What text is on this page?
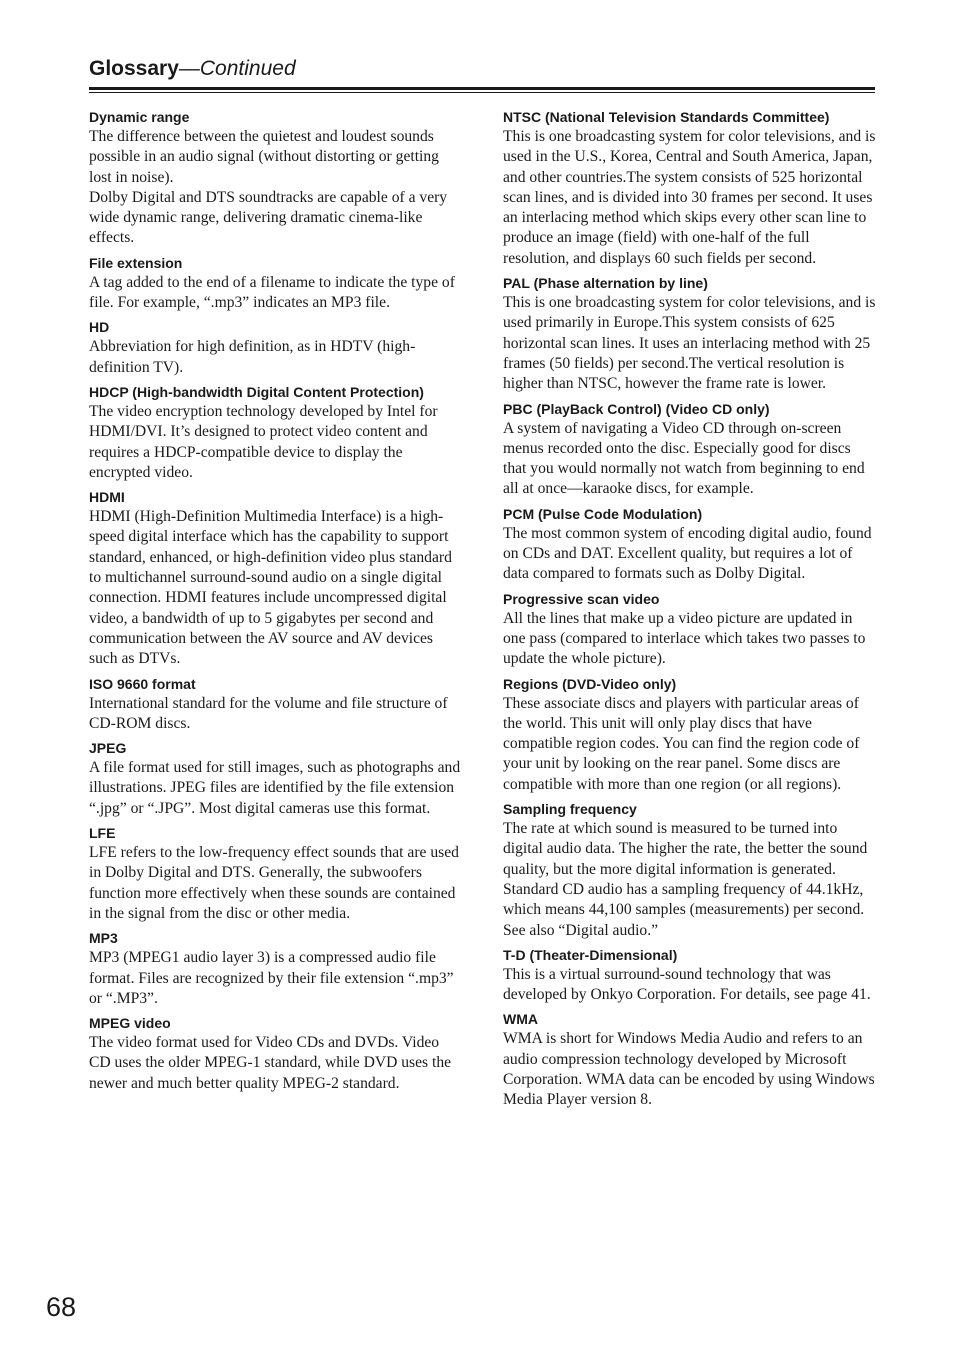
Glossary—Continued
Dynamic range

The difference between the quietest and loudest sounds possible in an audio signal (without distorting or getting lost in noise).

Dolby Digital and DTS soundtracks are capable of a very wide dynamic range, delivering dramatic cinema-like effects.

File extension

A tag added to the end of a filename to indicate the type of file. For example, “.mp3” indicates an MP3 file.

HD

Abbreviation for high definition, as in HDTV (high-definition TV).

HDCP (High-bandwidth Digital Content Protection)

The video encryption technology developed by Intel for HDMI/DVI. It’s designed to protect video content and requires a HDCP-compatible device to display the encrypted video.

HDMI

HDMI (High-Definition Multimedia Interface) is a high-speed digital interface which has the capability to support standard, enhanced, or high-definition video plus standard to multichannel surround-sound audio on a single digital connection. HDMI features include uncompressed digital video, a bandwidth of up to 5 gigabytes per second and communication between the AV source and AV devices such as DTVs.

ISO 9660 format

International standard for the volume and file structure of CD-ROM discs.

JPEG

A file format used for still images, such as photographs and illustrations. JPEG files are identified by the file extension “.jpg” or “.JPG”. Most digital cameras use this format.

LFE

LFE refers to the low-frequency effect sounds that are used in Dolby Digital and DTS. Generally, the subwoofers function more effectively when these sounds are contained in the signal from the disc or other media.

MP3

MP3 (MPEG1 audio layer 3) is a compressed audio file format. Files are recognized by their file extension “.mp3” or “.MP3”.

MPEG video

The video format used for Video CDs and DVDs. Video CD uses the older MPEG-1 standard, while DVD uses the newer and much better quality MPEG-2 standard.

NTSC (National Television Standards Committee)

This is one broadcasting system for color televisions, and is used in the U.S., Korea, Central and South America, Japan, and other countries.The system consists of 525 horizontal scan lines, and is divided into 30 frames per second. It uses an interlacing method which skips every other scan line to produce an image (field) with one-half of the full resolution, and displays 60 such fields per second.

PAL (Phase alternation by line)

This is one broadcasting system for color televisions, and is used primarily in Europe.This system consists of 625 horizontal scan lines. It uses an interlacing method with 25 frames (50 fields) per second.The vertical resolution is higher than NTSC, however the frame rate is lower.

PBC (PlayBack Control) (Video CD only)

A system of navigating a Video CD through on-screen menus recorded onto the disc. Especially good for discs that you would normally not watch from beginning to end all at once—karaoke discs, for example.

PCM (Pulse Code Modulation)

The most common system of encoding digital audio, found on CDs and DAT. Excellent quality, but requires a lot of data compared to formats such as Dolby Digital.

Progressive scan video

All the lines that make up a video picture are updated in one pass (compared to interlace which takes two passes to update the whole picture).

Regions (DVD-Video only)

These associate discs and players with particular areas of the world. This unit will only play discs that have compatible region codes. You can find the region code of your unit by looking on the rear panel. Some discs are compatible with more than one region (or all regions).

Sampling frequency

The rate at which sound is measured to be turned into digital audio data. The higher the rate, the better the sound quality, but the more digital information is generated. Standard CD audio has a sampling frequency of 44.1kHz, which means 44,100 samples (measurements) per second. See also “Digital audio.”

T-D (Theater-Dimensional)

This is a virtual surround-sound technology that was developed by Onkyo Corporation. For details, see page 41.

WMA

WMA is short for Windows Media Audio and refers to an audio compression technology developed by Microsoft Corporation. WMA data can be encoded by using Windows Media Player version 8.

68
